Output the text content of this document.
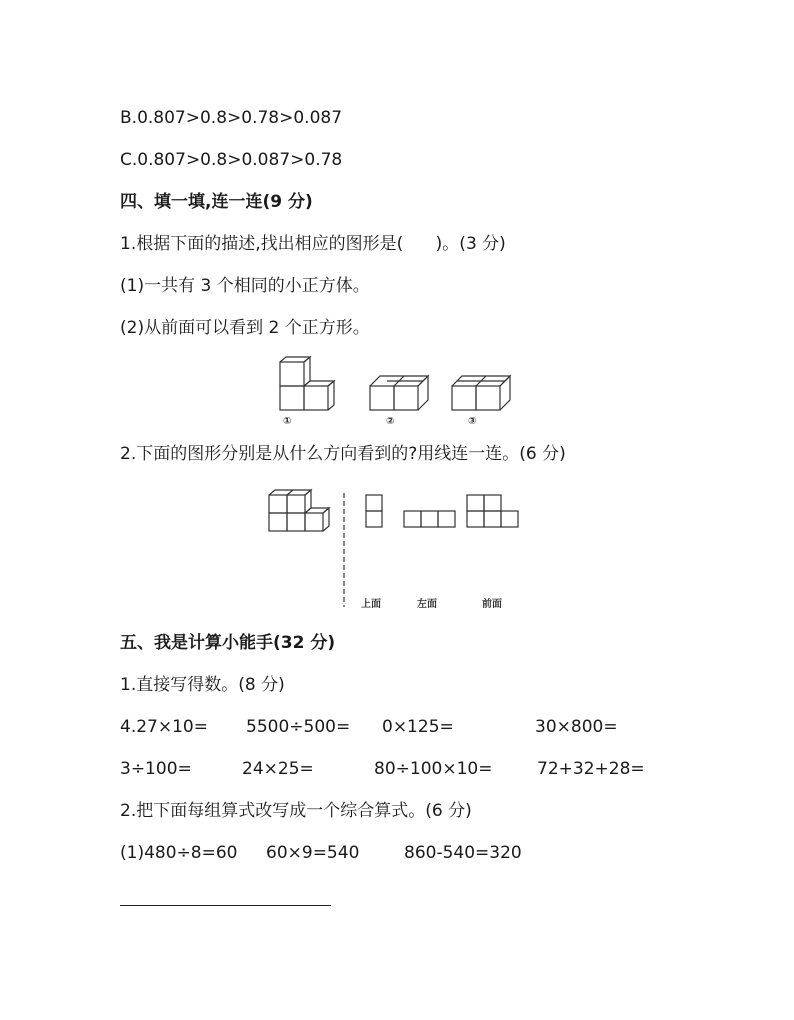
B.0.807>0.8>0.78>0.087
C.0.807>0.8>0.087>0.78
四、填一填,连一连(9 分)
1.根据下面的描述,找出相应的图形是(      )。(3 分)
(1)一共有 3 个相同的小正方体。
(2)从前面可以看到 2 个正方形。
①	②	③
2.下面的图形分别是从什么方向看到的?用线连一连。(6 分)
上面	左面	前面
五、我是计算小能手(32 分)
1.直接写得数。(8 分)
4.27×10= 5500÷500= 0×125=	30×800=
3÷100=	24×25=	80÷100×10=	72+32+28=
2.把下面每组算式改写成一个综合算式。(6 分)
(1)480÷8=60 60×9=540	860-540=320
